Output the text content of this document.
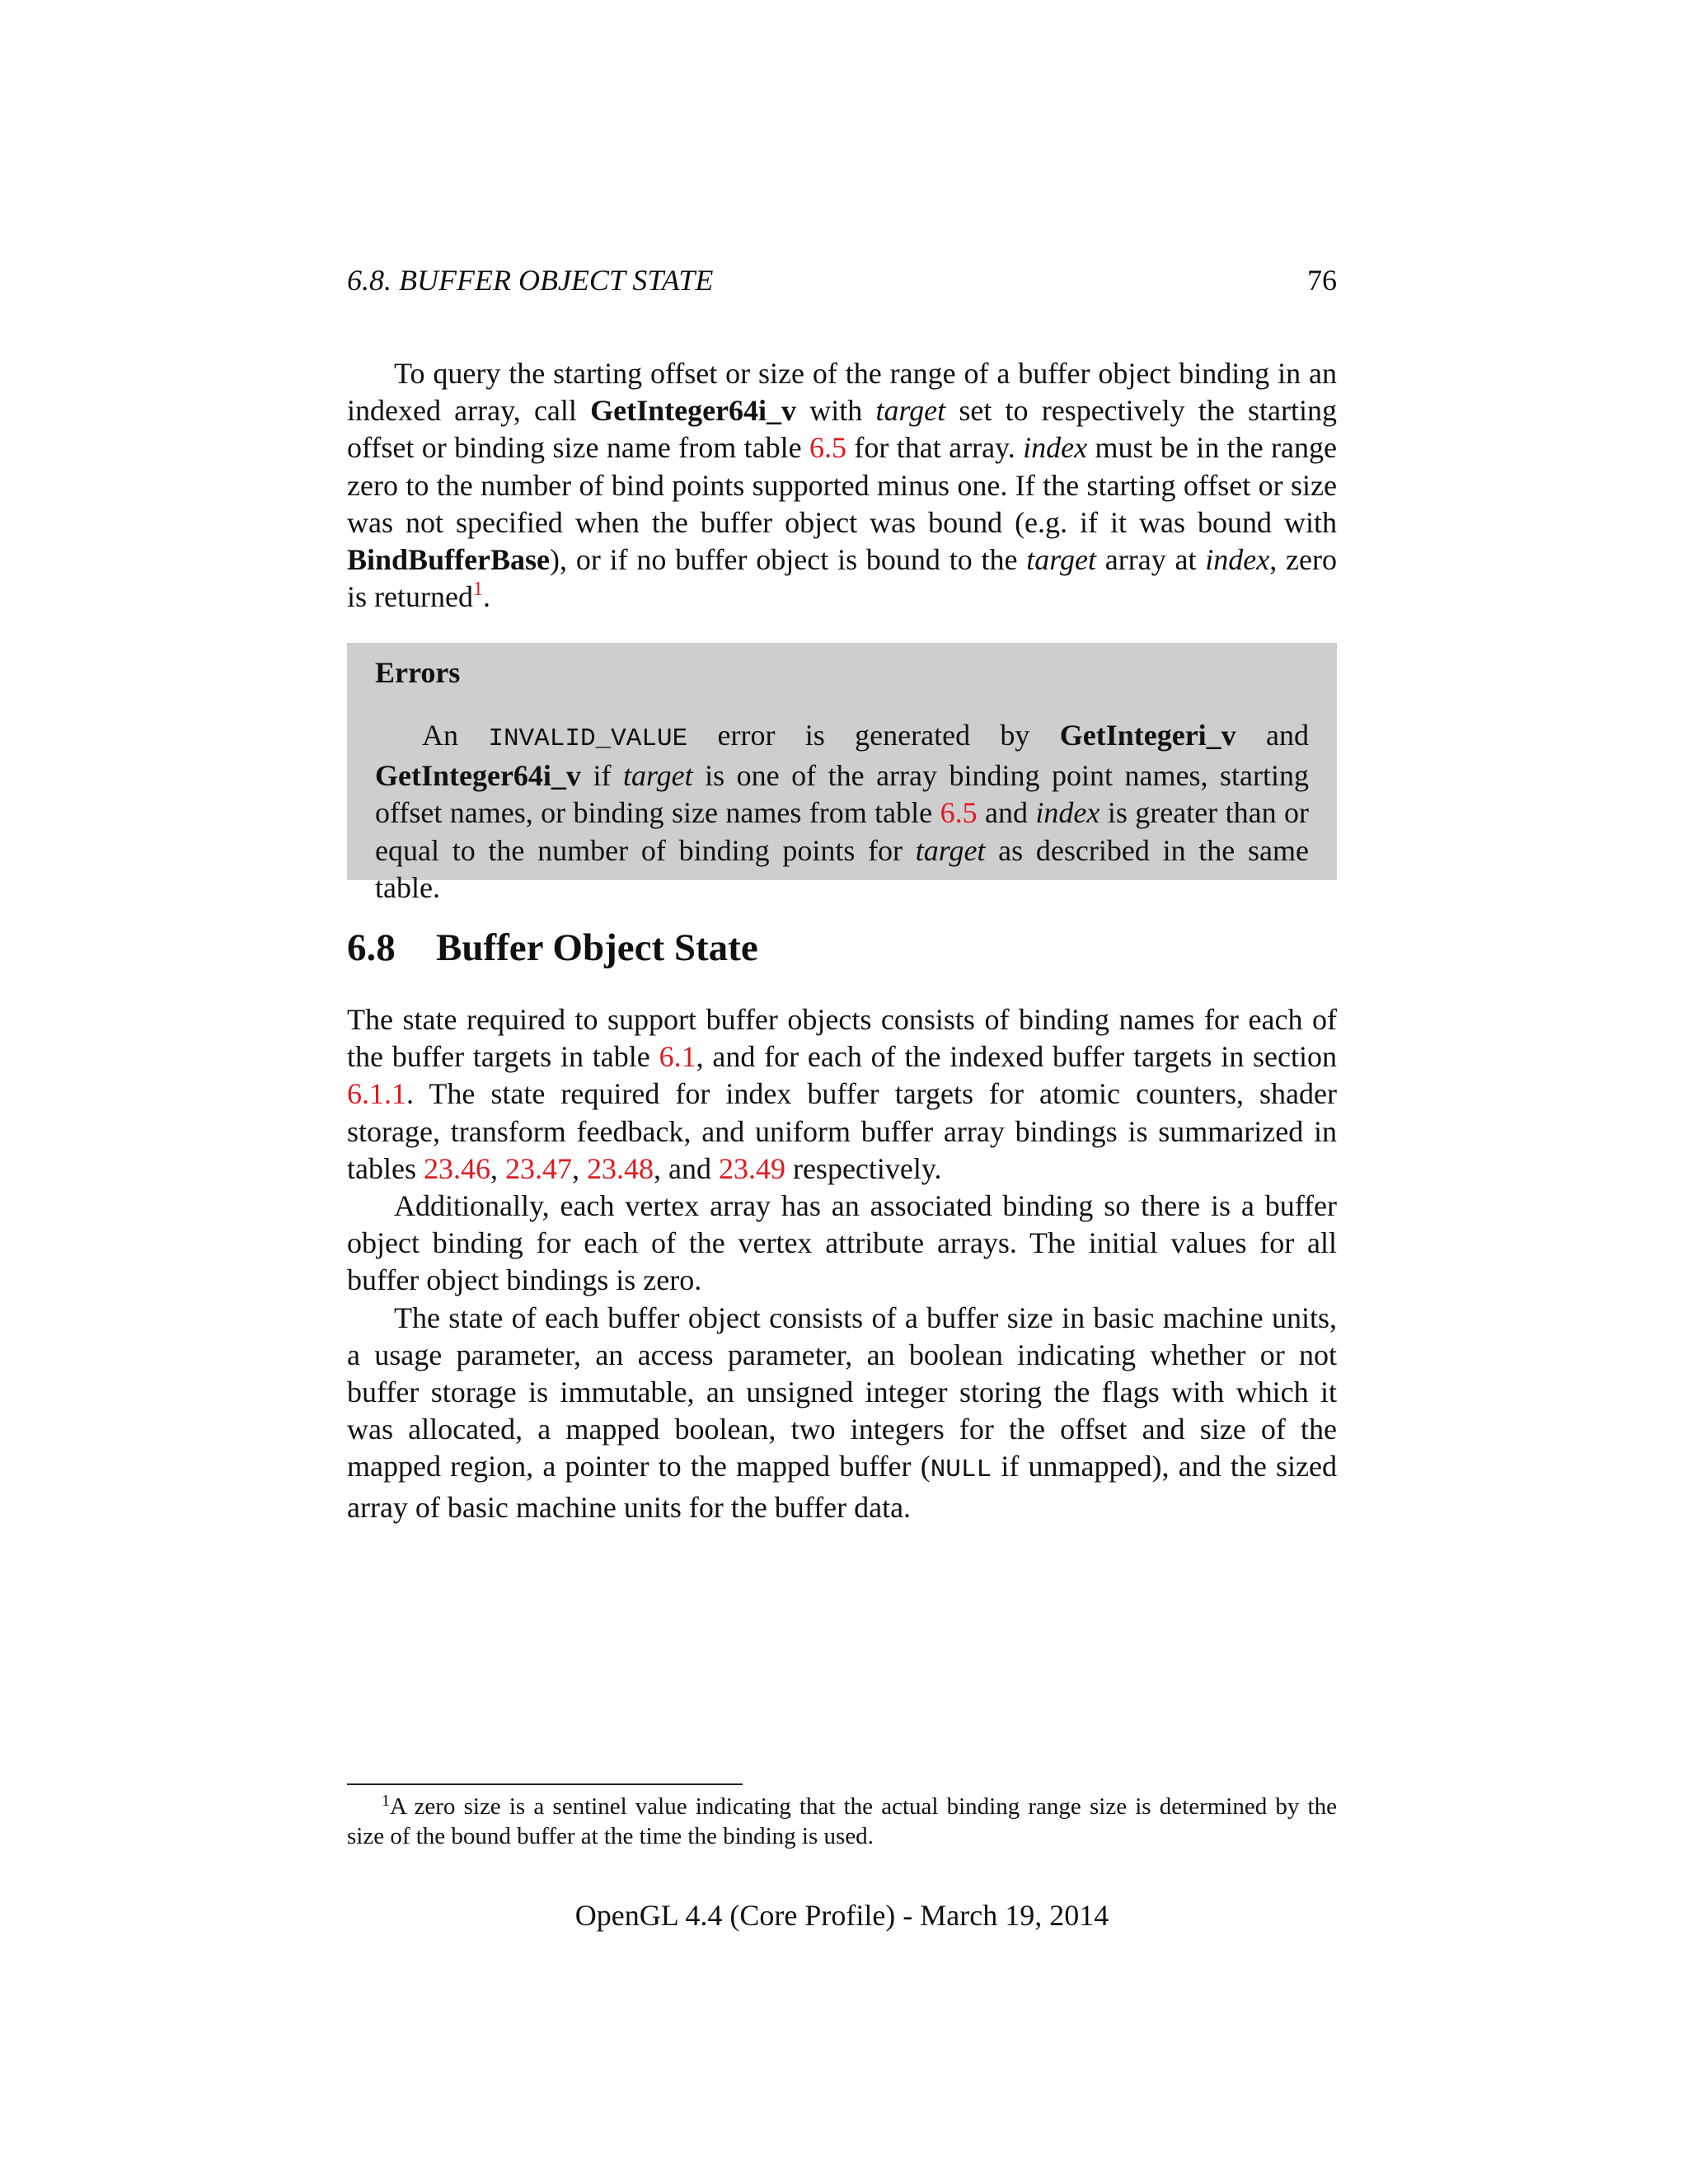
6.8. BUFFER OBJECT STATE	76

To query the starting offset or size of the range of a buffer object binding in an indexed array, call GetInteger64i_v with target set to respectively the starting offset or binding size name from table 6.5 for that array. index must be in the range zero to the number of bind points supported minus one. If the starting offset or size was not specified when the buffer object was bound (e.g. if it was bound with BindBufferBase), or if no buffer object is bound to the target array at index, zero is returned$^1$.

Errors

An INVALID_VALUE error is generated by GetIntegeri_v and GetInteger64i_v if target is one of the array binding point names, starting offset names, or binding size names from table 6.5 and index is greater than or equal to the number of binding points for target as described in the same table.

6.8 Buffer Object State

The state required to support buffer objects consists of binding names for each of the buffer targets in table 6.1, and for each of the indexed buffer targets in section 6.1.1. The state required for index buffer targets for atomic counters, shader storage, transform feedback, and uniform buffer array bindings is summarized in tables 23.46, 23.47, 23.48, and 23.49 respectively.

Additionally, each vertex array has an associated binding so there is a buffer object binding for each of the vertex attribute arrays. The initial values for all buffer object bindings is zero.

The state of each buffer object consists of a buffer size in basic machine units, a usage parameter, an access parameter, an boolean indicating whether or not buffer storage is immutable, an unsigned integer storing the flags with which it was allocated, a mapped boolean, two integers for the offset and size of the mapped region, a pointer to the mapped buffer (NULL if unmapped), and the sized array of basic machine units for the buffer data.

$^1$A zero size is a sentinel value indicating that the actual binding range size is determined by the size of the bound buffer at the time the binding is used.

OpenGL 4.4 (Core Profile) - March 19, 2014
